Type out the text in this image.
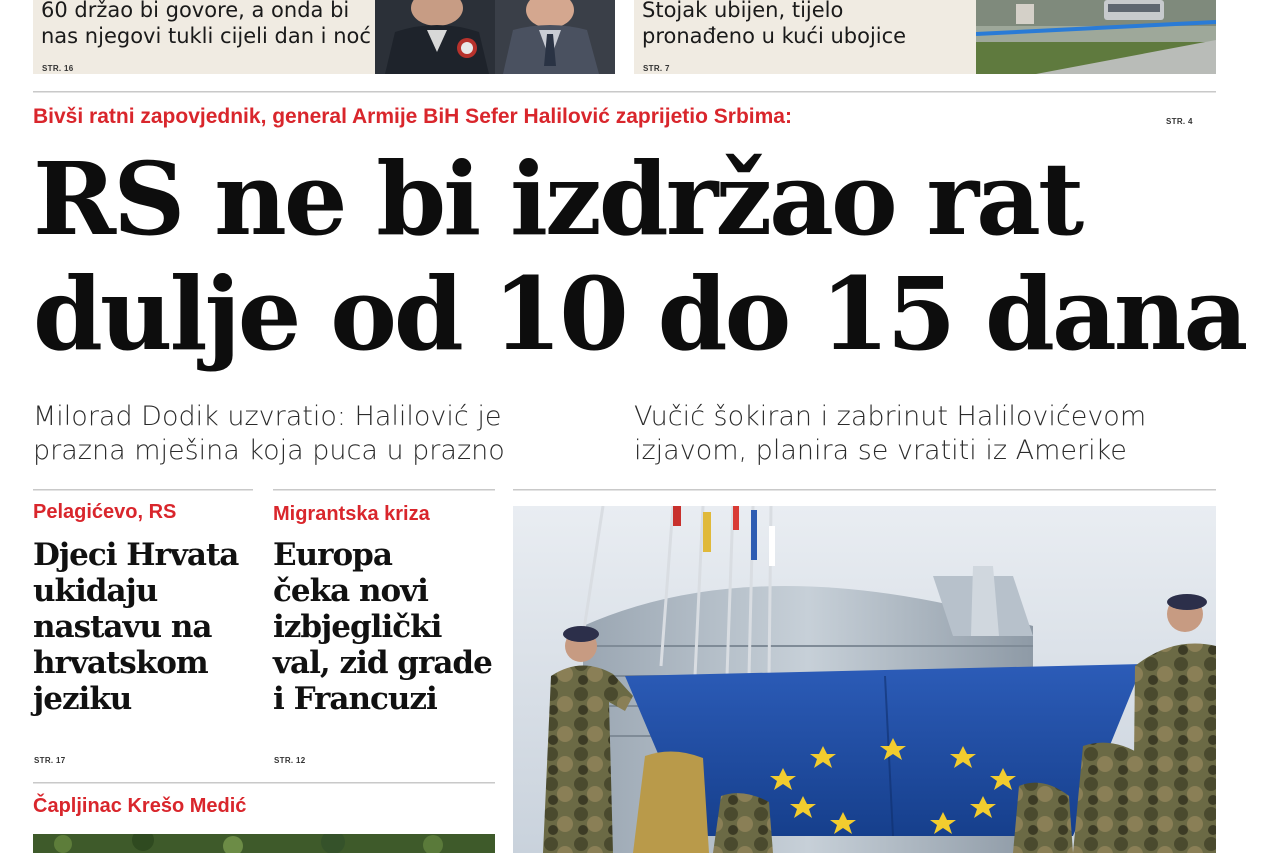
60 držao bi govore, a onda bi
nas njegovi tukli cijeli dan i noć
STR. 16
Stojak ubijen, tijelo
pronađeno u kući ubojice
STR. 7
Bivši ratni zapovjednik, general Armije BiH Sefer Halilović zaprijetio Srbima:	STR. 4
RS ne bi izdržao rat
dulje od 10 do 15 dana
Milorad Dodik uzvratio: Halilović je
prazna mješina koja puca u prazno
Vučić šokiran i zabrinut Halilovićevom
izjavom, planira se vratiti iz Amerike
Pelagićevo, RS
Djeci Hrvata
ukidaju
nastavu na
hrvatskom
jeziku
STR. 17
Migrantska kriza
Europa
čeka novi
izbjeglički
val, zid grade
i Francuzi
STR. 12
Čapljinac Krešo Medić
